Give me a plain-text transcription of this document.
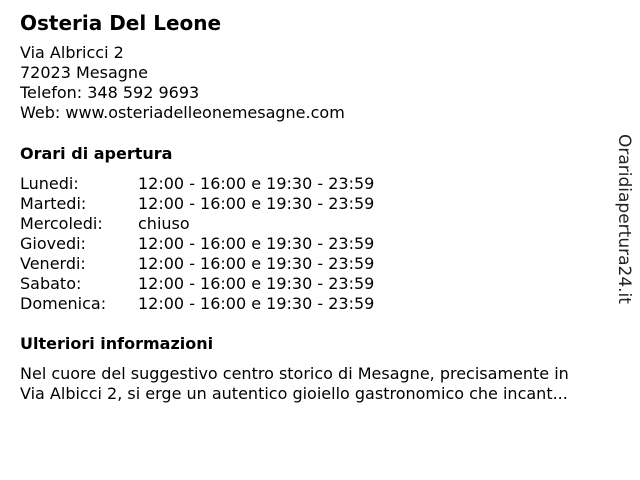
Osteria Del Leone
Via Albricci 2
72023 Mesagne
Telefon: 348 592 9693
Web: www.osteriadelleonemesagne.com
Orari di apertura
Lunedi:	12:00 - 16:00 e 19:30 - 23:59
Martedi:	12:00 - 16:00 e 19:30 - 23:59
Mercoledi: chiuso
Giovedi:	12:00 - 16:00 e 19:30 - 23:59
Venerdi:	12:00 - 16:00 e 19:30 - 23:59
Sabato:	12:00 - 16:00 e 19:30 - 23:59
Domenica: 12:00 - 16:00 e 19:30 - 23:59
Ulteriori informazioni
Nel cuore del suggestivo centro storico di Mesagne, precisamente in
Via Albicci 2, si erge un autentico gioiello gastronomico che incant...
Oraridiapertura24.it
